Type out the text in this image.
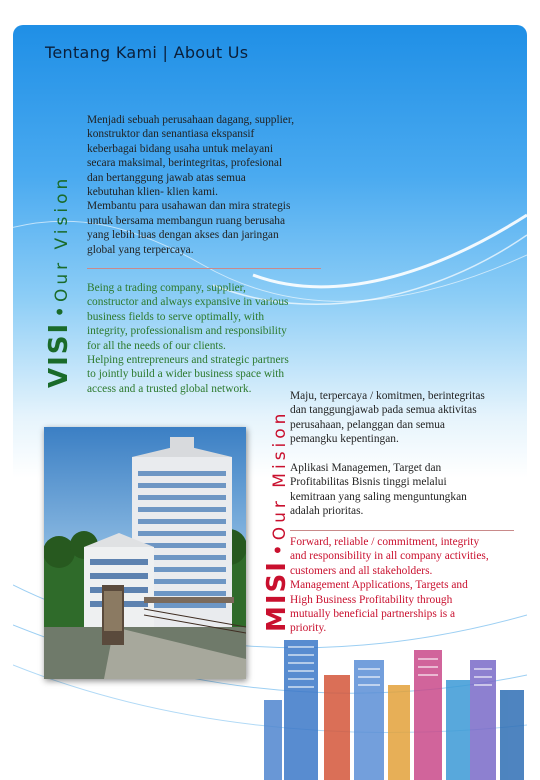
Tentang Kami | About Us
VISI•Our Vision
Menjadi sebuah perusahaan dagang, supplier,
konstruktor dan senantiasa ekspansif
keberbagai bidang usaha untuk melayani
secara maksimal, berintegritas, profesional
dan bertanggung jawab atas semua
kebutuhan klien- klien kami.
Membantu para usahawan dan mira strategis
untuk bersama membangun ruang berusaha
yang lebih luas dengan akses dan jaringan
global yang terpercaya.
Being a trading company, supplier,
constructor and always expansive in various
business fields to serve optimally, with
integrity, professionalism and responsibility
for all the needs of our clients.
Helping entrepreneurs and strategic partners
to jointly build a wider business space with
access and a trusted global network.
MISI•Our Mision
Maju, terpercaya / komitmen, berintegritas
dan tanggungjawab pada semua aktivitas
perusahaan, pelanggan dan semua
pemangku kepentingan.

Aplikasi Managemen, Target dan
Profitabilitas Bisnis tinggi melalui
kemitraan yang saling menguntungkan
adalah prioritas.
Forward, reliable / commitment, integrity
and responsibility in all company activities,
customers and all stakeholders.
Management Applications, Targets and
High Business Profitability through
mutually beneficial partnerships is a
priority.
